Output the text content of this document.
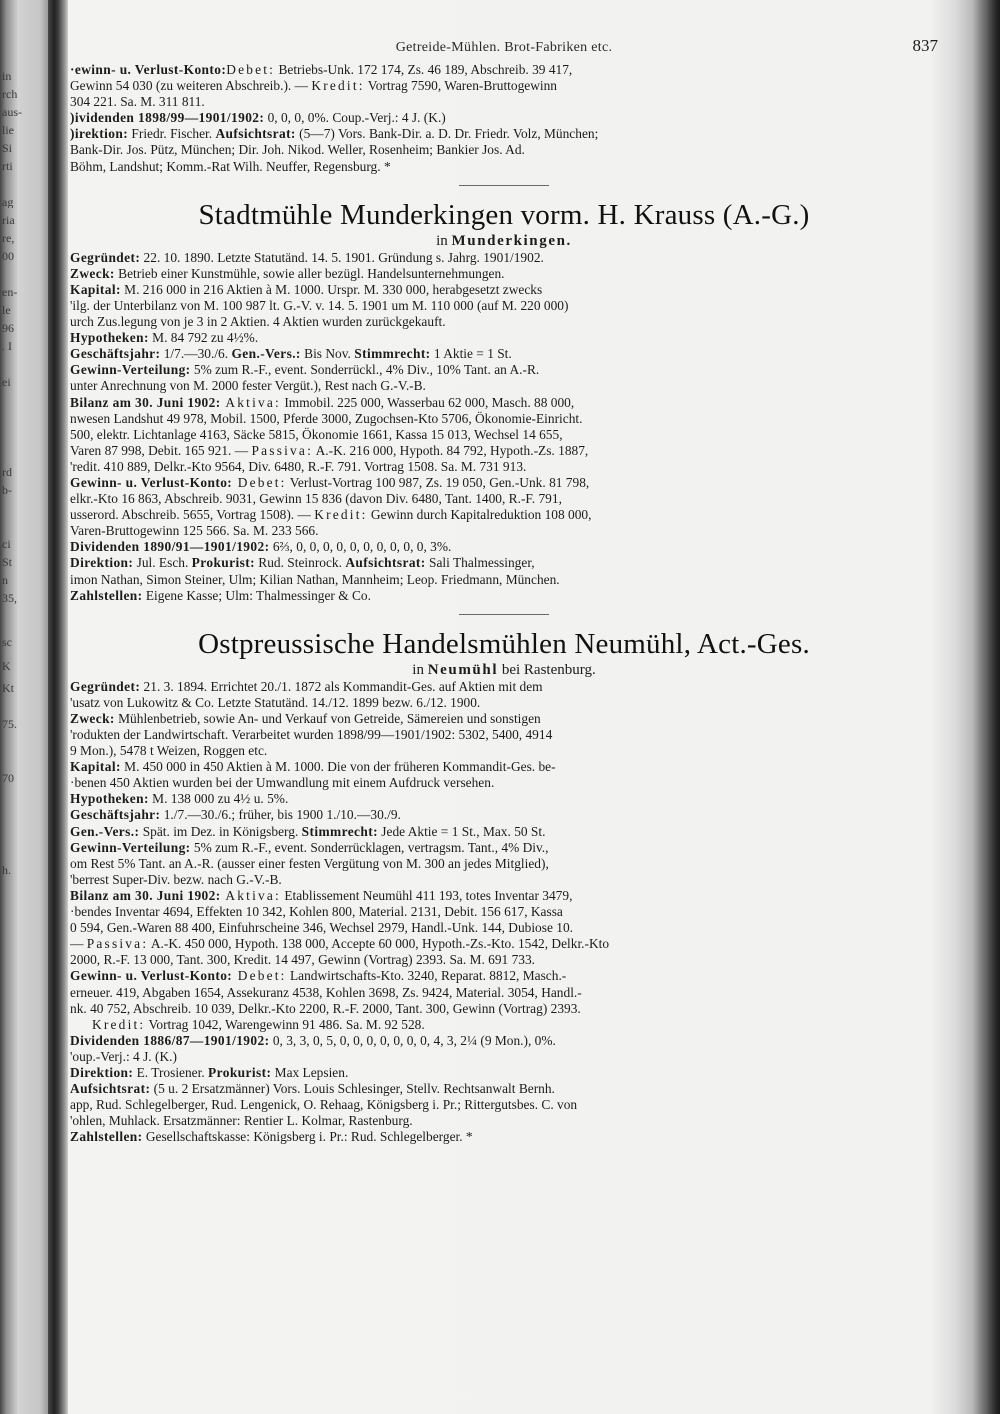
in
rch
aus-
lie
Si
rti
ag
ria
re,
00
en-
le
96
. I
ei
rd
b-
ci
St
n
35,
sc
K
Kt
75.
70
h.
Getreide-Mühlen. Brot-Fabriken etc.	837
·ewinn- u. Verlust-Konto:Debet: Betriebs-Unk. 172 174, Zs. 46 189, Abschreib. 39 417,
Gewinn 54 030 (zu weiteren Abschreib.). — Kredit: Vortrag 7590, Waren-Bruttogewinn
304 221. Sa. M. 311 811.
)ividenden 1898/99—1901/1902: 0, 0, 0, 0%. Coup.-Verj.: 4 J. (K.)
)irektion: Friedr. Fischer. Aufsichtsrat: (5—7) Vors. Bank-Dir. a. D. Dr. Friedr. Volz, München;
Bank-Dir. Jos. Pütz, München; Dir. Joh. Nikod. Weller, Rosenheim; Bankier Jos. Ad.
Böhm, Landshut; Komm.-Rat Wilh. Neuffer, Regensburg. *
Stadtmühle Munderkingen vorm. H. Krauss (A.-G.)
in Munderkingen.
Gegründet: 22. 10. 1890. Letzte Statutänd. 14. 5. 1901. Gründung s. Jahrg. 1901/1902.
Zweck: Betrieb einer Kunstmühle, sowie aller bezügl. Handelsunternehmungen.
Kapital: M. 216 000 in 216 Aktien à M. 1000. Urspr. M. 330 000, herabgesetzt zwecks
'ilg. der Unterbilanz von M. 100 987 lt. G.-V. v. 14. 5. 1901 um M. 110 000 (auf M. 220 000)
urch Zus.legung von je 3 in 2 Aktien. 4 Aktien wurden zurückgekauft.
Hypotheken: M. 84 792 zu 4½%.
Geschäftsjahr: 1/7.—30./6. Gen.-Vers.: Bis Nov. Stimmrecht: 1 Aktie = 1 St.
Gewinn-Verteilung: 5% zum R.-F., event. Sonderrückl., 4% Div., 10% Tant. an A.-R.
unter Anrechnung von M. 2000 fester Vergüt.), Rest nach G.-V.-B.
Bilanz am 30. Juni 1902: Aktiva: Immobil. 225 000, Wasserbau 62 000, Masch. 88 000,
nwesen Landshut 49 978, Mobil. 1500, Pferde 3000, Zugochsen-Kto 5706, Ökonomie-Einricht.
500, elektr. Lichtanlage 4163, Säcke 5815, Ökonomie 1661, Kassa 15 013, Wechsel 14 655,
Varen 87 998, Debit. 165 921. — Passiva: A.-K. 216 000, Hypoth. 84 792, Hypoth.-Zs. 1887,
'redit. 410 889, Delkr.-Kto 9564, Div. 6480, R.-F. 791. Vortrag 1508. Sa. M. 731 913.
Gewinn- u. Verlust-Konto: Debet: Verlust-Vortrag 100 987, Zs. 19 050, Gen.-Unk. 81 798,
elkr.-Kto 16 863, Abschreib. 9031, Gewinn 15 836 (davon Div. 6480, Tant. 1400, R.-F. 791,
usserord. Abschreib. 5655, Vortrag 1508). — Kredit: Gewinn durch Kapitalreduktion 108 000,
Varen-Bruttogewinn 125 566. Sa. M. 233 566.
Dividenden 1890/91—1901/1902: 6⅔, 0, 0, 0, 0, 0, 0, 0, 0, 0, 0, 3%.
Direktion: Jul. Esch. Prokurist: Rud. Steinrock. Aufsichtsrat: Sali Thalmessinger,
imon Nathan, Simon Steiner, Ulm; Kilian Nathan, Mannheim; Leop. Friedmann, München.
Zahlstellen: Eigene Kasse; Ulm: Thalmessinger & Co.
Ostpreussische Handelsmühlen Neumühl, Act.-Ges.
in Neumühl bei Rastenburg.
Gegründet: 21. 3. 1894. Errichtet 20./1. 1872 als Kommandit-Ges. auf Aktien mit dem
'usatz von Lukowitz & Co. Letzte Statutänd. 14./12. 1899 bezw. 6./12. 1900.
Zweck: Mühlenbetrieb, sowie An- und Verkauf von Getreide, Sämereien und sonstigen
'rodukten der Landwirtschaft. Verarbeitet wurden 1898/99—1901/1902: 5302, 5400, 4914
9 Mon.), 5478 t Weizen, Roggen etc.
Kapital: M. 450 000 in 450 Aktien à M. 1000. Die von der früheren Kommandit-Ges. be-
·benen 450 Aktien wurden bei der Umwandlung mit einem Aufdruck versehen.
Hypotheken: M. 138 000 zu 4½ u. 5%.
Geschäftsjahr: 1./7.—30./6.; früher, bis 1900 1./10.—30./9.
Gen.-Vers.: Spät. im Dez. in Königsberg. Stimmrecht: Jede Aktie = 1 St., Max. 50 St.
Gewinn-Verteilung: 5% zum R.-F., event. Sonderrücklagen, vertragsm. Tant., 4% Div.,
om Rest 5% Tant. an A.-R. (ausser einer festen Vergütung von M. 300 an jedes Mitglied),
'berrest Super-Div. bezw. nach G.-V.-B.
Bilanz am 30. Juni 1902: Aktiva: Etablissement Neumühl 411 193, totes Inventar 3479,
·bendes Inventar 4694, Effekten 10 342, Kohlen 800, Material. 2131, Debit. 156 617, Kassa
0 594, Gen.-Waren 88 400, Einfuhrscheine 346, Wechsel 2979, Handl.-Unk. 144, Dubiose 10.
— Passiva: A.-K. 450 000, Hypoth. 138 000, Accepte 60 000, Hypoth.-Zs.-Kto. 1542, Delkr.-Kto
2000, R.-F. 13 000, Tant. 300, Kredit. 14 497, Gewinn (Vortrag) 2393. Sa. M. 691 733.
Gewinn- u. Verlust-Konto: Debet: Landwirtschafts-Kto. 3240, Reparat. 8812, Masch.-
erneuer. 419, Abgaben 1654, Assekuranz 4538, Kohlen 3698, Zs. 9424, Material. 3054, Handl.-
nk. 40 752, Abschreib. 10 039, Delkr.-Kto 2200, R.-F. 2000, Tant. 300, Gewinn (Vortrag) 2393.
Kredit: Vortrag 1042, Warengewinn 91 486. Sa. M. 92 528.
Dividenden 1886/87—1901/1902: 0, 3, 3, 0, 5, 0, 0, 0, 0, 0, 0, 0, 4, 3, 2¼ (9 Mon.), 0%.
'oup.-Verj.: 4 J. (K.)
Direktion: E. Trosiener. Prokurist: Max Lepsien.
Aufsichtsrat: (5 u. 2 Ersatzmänner) Vors. Louis Schlesinger, Stellv. Rechtsanwalt Bernh.
app, Rud. Schlegelberger, Rud. Lengenick, O. Rehaag, Königsberg i. Pr.; Rittergutsbes. C. von
'ohlen, Muhlack. Ersatzmänner: Rentier L. Kolmar, Rastenburg.
Zahlstellen: Gesellschaftskasse: Königsberg i. Pr.: Rud. Schlegelberger. *
